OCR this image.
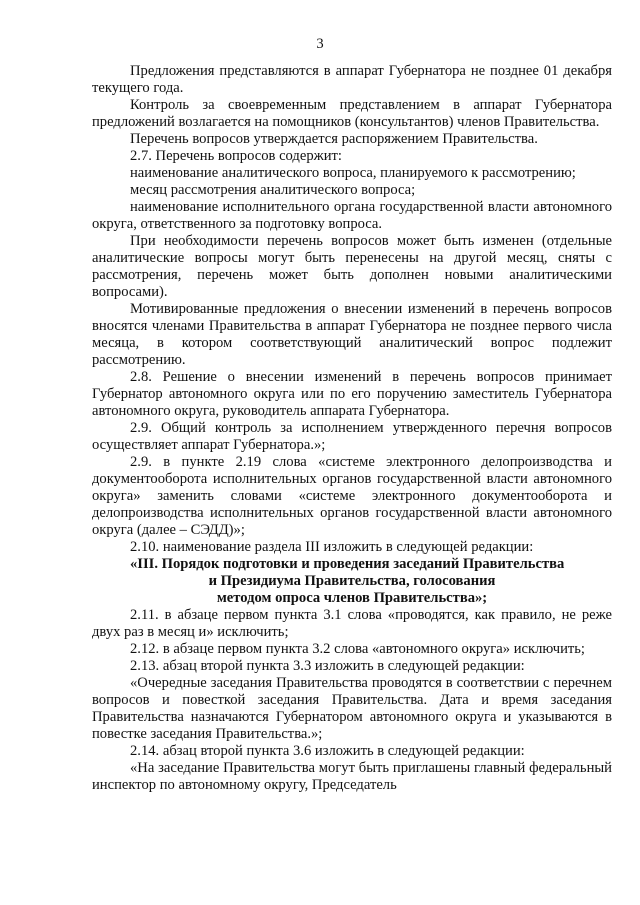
3

Предложения представляются в аппарат Губернатора не позднее 01 декабря текущего года.

Контроль за своевременным представлением в аппарат Губернатора предложений возлагается на помощников (консультантов) членов Правительства.

Перечень вопросов утверждается распоряжением Правительства.

2.7. Перечень вопросов содержит:

наименование аналитического вопроса, планируемого к рассмотрению;

месяц рассмотрения аналитического вопроса;

наименование исполнительного органа государственной власти автономного округа, ответственного за подготовку вопроса.

При необходимости перечень вопросов может быть изменен (отдельные аналитические вопросы могут быть перенесены на другой месяц, сняты с рассмотрения, перечень может быть дополнен новыми аналитическими вопросами).

Мотивированные предложения о внесении изменений в перечень вопросов вносятся членами Правительства в аппарат Губернатора не позднее первого числа месяца, в котором соответствующий аналитический вопрос подлежит рассмотрению.

2.8. Решение о внесении изменений в перечень вопросов принимает Губернатор автономного округа или по его поручению заместитель Губернатора автономного округа, руководитель аппарата Губернатора.

2.9. Общий контроль за исполнением утвержденного перечня вопросов осуществляет аппарат Губернатора.»;

2.9. в пункте 2.19 слова «системе электронного делопроизводства и документооборота исполнительных органов государственной власти автономного округа» заменить словами «системе электронного документооборота и делопроизводства исполнительных органов государственной власти автономного округа (далее – СЭДД)»;

2.10. наименование раздела III изложить в следующей редакции:

«III. Порядок подготовки и проведения заседаний Правительства

и Президиума Правительства, голосования

методом опроса членов Правительства»;

2.11. в абзаце первом пункта 3.1 слова «проводятся, как правило, не реже двух раз в месяц и» исключить;

2.12. в абзаце первом пункта 3.2 слова «автономного округа» исключить;

2.13. абзац второй пункта 3.3 изложить в следующей редакции:

«Очередные заседания Правительства проводятся в соответствии с перечнем вопросов и повесткой заседания Правительства. Дата и время заседания Правительства назначаются Губернатором автономного округа и указываются в повестке заседания Правительства.»;

2.14. абзац второй пункта 3.6 изложить в следующей редакции:

«На заседание Правительства могут быть приглашены главный федеральный инспектор по автономному округу, Председатель
